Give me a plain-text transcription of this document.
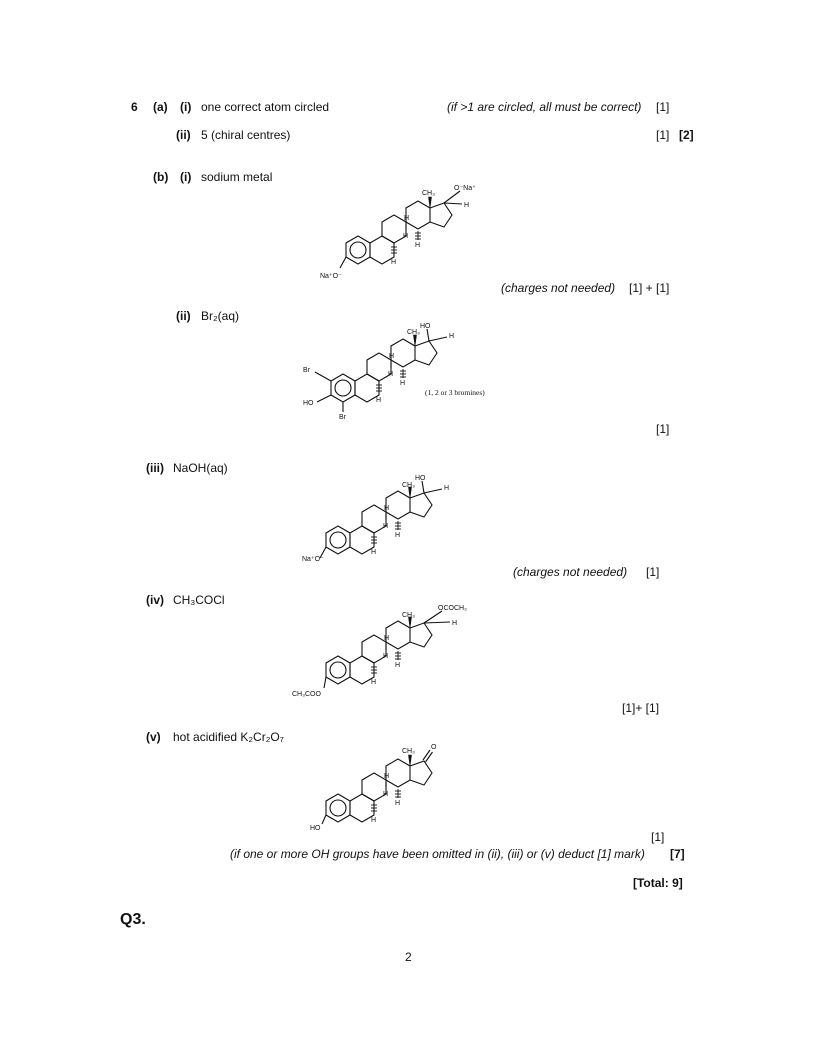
6 (a) (i) one correct atom circled	(if >1 are circled, all must be correct) [1]
(ii) 5 (chiral centres)	[1] [2]
(b) (i) sodium metal
O⁻Na⁺
CH₃
H
H
H
H
H
Na⁺O⁻
(charges not needed) [1] + [1]
(ii) Br₂(aq)
HO
CH₃
H
H
H
H
H
Br
Br
HO
(1, 2 or 3 bromines)
[1]
(iii) NaOH(aq)
HO
CH₃	H
H
H
H
H
Na⁺O⁻
(charges not needed) [1]
(iv) CH₃COCl
OCOCH₃
CH₃
H
H
H
H
H
CH₃COO
[1]+ [1]
(v) hot acidified K₂Cr₂O₇
O
CH₃
H
H
H
H
HO
[1]
(if one or more OH groups have been omitted in (ii), (iii) or (v) deduct [1] mark) [7]
[Total: 9]
Q3.
2
